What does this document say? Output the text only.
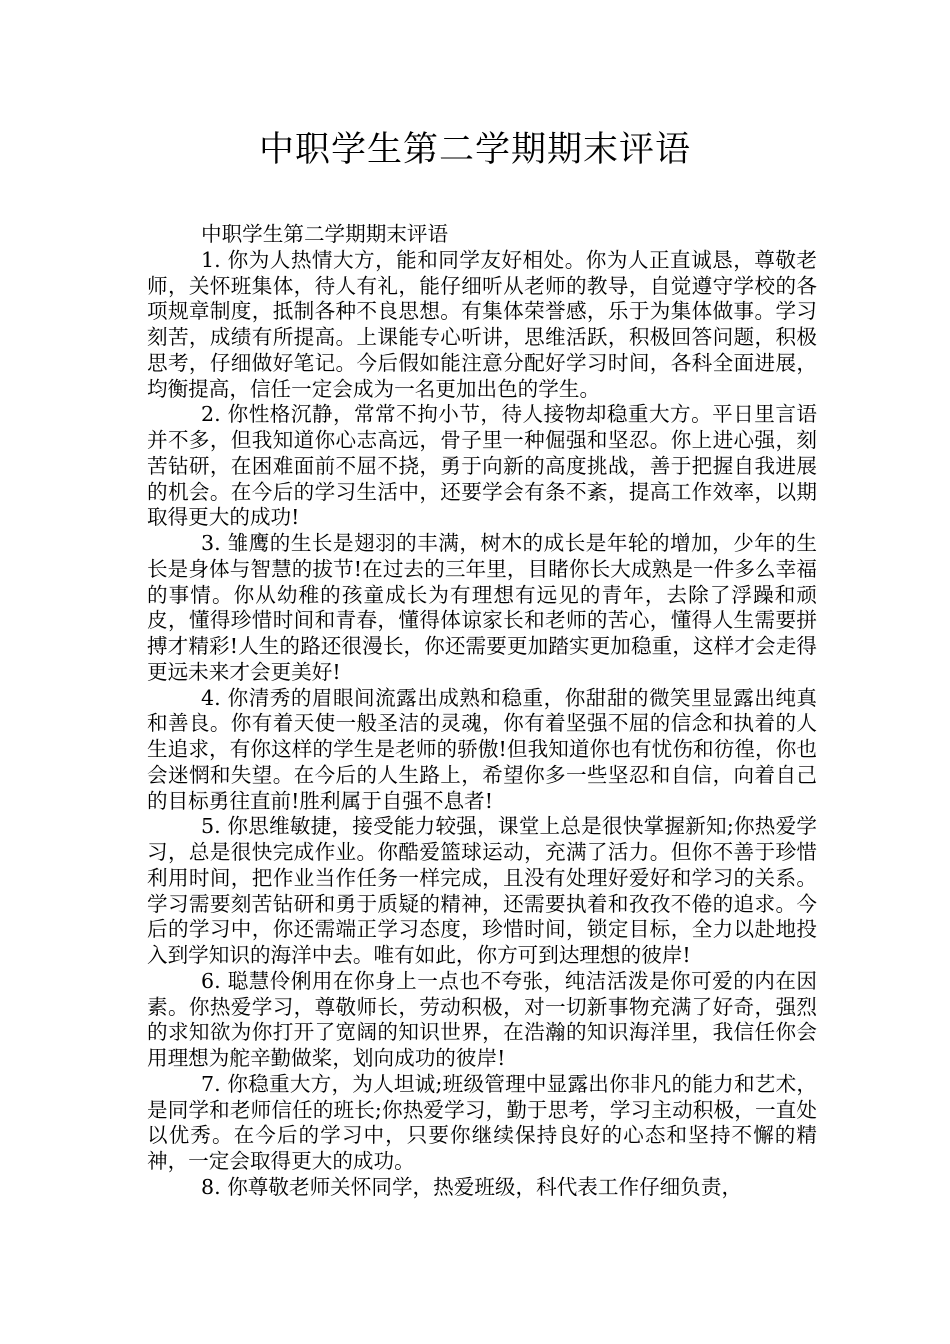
中职学生第二学期期末评语

中职学生第二学期期末评语

1. 你为人热情大方，能和同学友好相处。你为人正直诚恳，尊敬老师，关怀班集体，待人有礼，能仔细听从老师的教导，自觉遵守学校的各项规章制度，抵制各种不良思想。有集体荣誉感，乐于为集体做事。学习刻苦，成绩有所提高。上课能专心听讲，思维活跃，积极回答问题，积极思考，仔细做好笔记。今后假如能注意分配好学习时间，各科全面进展，均衡提高，信任一定会成为一名更加出色的学生。

2. 你性格沉静，常常不拘小节，待人接物却稳重大方。平日里言语并不多，但我知道你心志高远，骨子里一种倔强和坚忍。你上进心强，刻苦钻研，在困难面前不屈不挠，勇于向新的高度挑战，善于把握自我进展的机会。在今后的学习生活中，还要学会有条不紊，提高工作效率，以期取得更大的成功!

3. 雏鹰的生长是翅羽的丰满，树木的成长是年轮的增加，少年的生长是身体与智慧的拔节!在过去的三年里，目睹你长大成熟是一件多么幸福的事情。你从幼稚的孩童成长为有理想有远见的青年，去除了浮躁和顽皮，懂得珍惜时间和青春，懂得体谅家长和老师的苦心，懂得人生需要拼搏才精彩!人生的路还很漫长，你还需要更加踏实更加稳重，这样才会走得更远未来才会更美好!

4. 你清秀的眉眼间流露出成熟和稳重，你甜甜的微笑里显露出纯真和善良。你有着天使一般圣洁的灵魂，你有着坚强不屈的信念和执着的人生追求，有你这样的学生是老师的骄傲!但我知道你也有忧伤和彷徨，你也会迷惘和失望。在今后的人生路上，希望你多一些坚忍和自信，向着自己的目标勇往直前!胜利属于自强不息者!

5. 你思维敏捷，接受能力较强，课堂上总是很快掌握新知;你热爱学习，总是很快完成作业。你酷爱篮球运动，充满了活力。但你不善于珍惜利用时间，把作业当作任务一样完成，且没有处理好爱好和学习的关系。学习需要刻苦钻研和勇于质疑的精神，还需要执着和孜孜不倦的追求。今后的学习中，你还需端正学习态度，珍惜时间，锁定目标，全力以赴地投入到学知识的海洋中去。唯有如此，你方可到达理想的彼岸!

6. 聪慧伶俐用在你身上一点也不夸张，纯洁活泼是你可爱的内在因素。你热爱学习，尊敬师长，劳动积极，对一切新事物充满了好奇，强烈的求知欲为你打开了宽阔的知识世界，在浩瀚的知识海洋里，我信任你会用理想为舵辛勤做桨，划向成功的彼岸!

7. 你稳重大方，为人坦诚;班级管理中显露出你非凡的能力和艺术，是同学和老师信任的班长;你热爱学习，勤于思考，学习主动积极，一直处以优秀。在今后的学习中，只要你继续保持良好的心态和坚持不懈的精神，一定会取得更大的成功。

8. 你尊敬老师关怀同学，热爱班级，科代表工作仔细负责，
